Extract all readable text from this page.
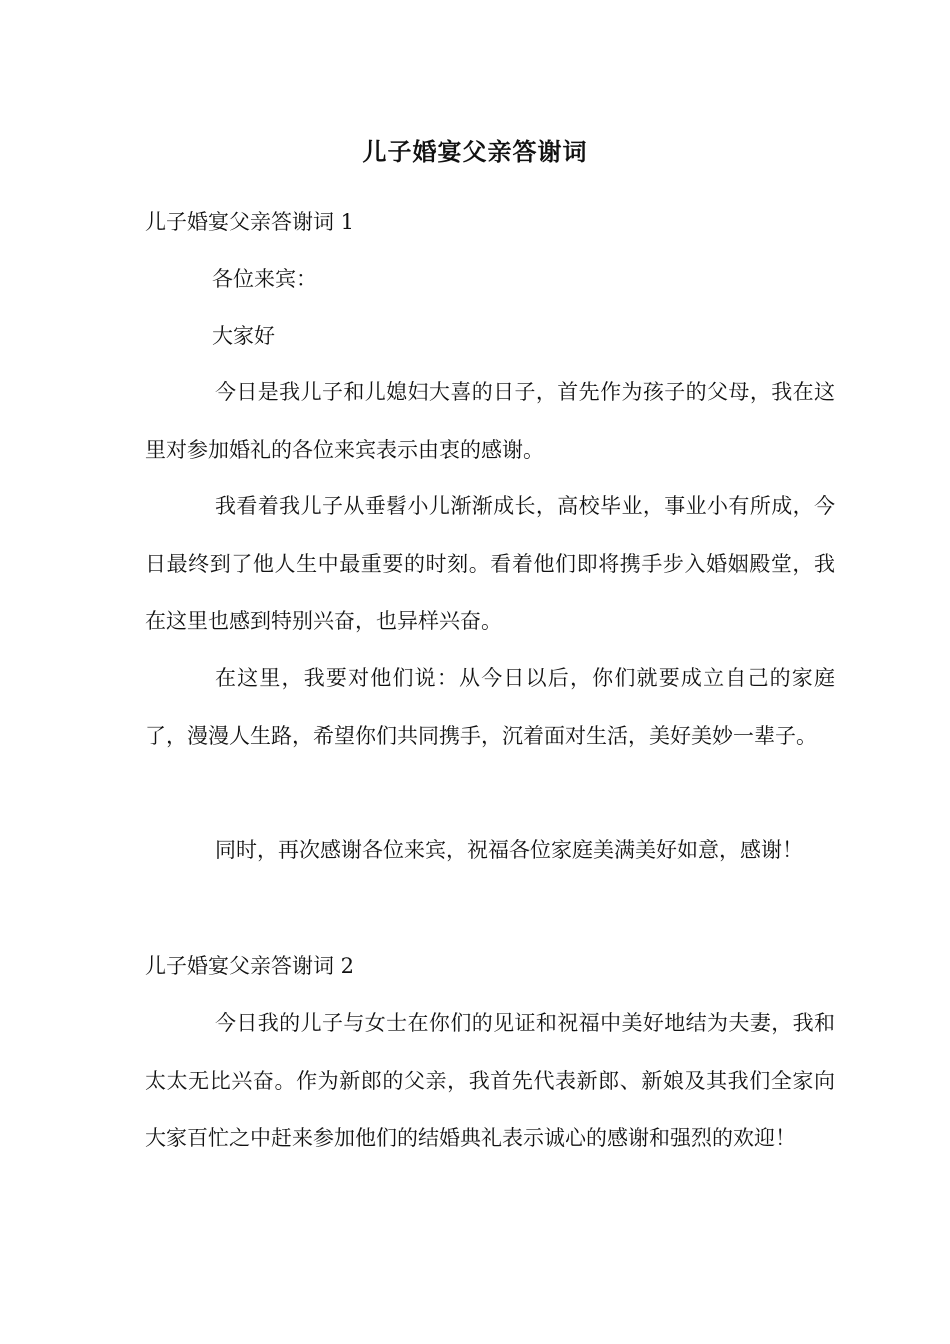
儿子婚宴父亲答谢词
儿子婚宴父亲答谢词 1
各位来宾：
大家好

今日是我儿子和儿媳妇大喜的日子，首先作为孩子的父母，我在这里对参加婚礼的各位来宾表示由衷的感谢。

我看着我儿子从垂髫小儿渐渐成长，高校毕业，事业小有所成，今日最终到了他人生中最重要的时刻。看着他们即将携手步入婚姻殿堂，我在这里也感到特别兴奋，也异样兴奋。

在这里，我要对他们说：从今日以后，你们就要成立自己的家庭了，漫漫人生路，希望你们共同携手，沉着面对生活，美好美妙一辈子。

同时，再次感谢各位来宾，祝福各位家庭美满美好如意，感谢！

儿子婚宴父亲答谢词 2

今日我的儿子与女士在你们的见证和祝福中美好地结为夫妻，我和太太无比兴奋。作为新郎的父亲，我首先代表新郎、新娘及其我们全家向大家百忙之中赶来参加他们的结婚典礼表示诚心的感谢和强烈的欢迎！
